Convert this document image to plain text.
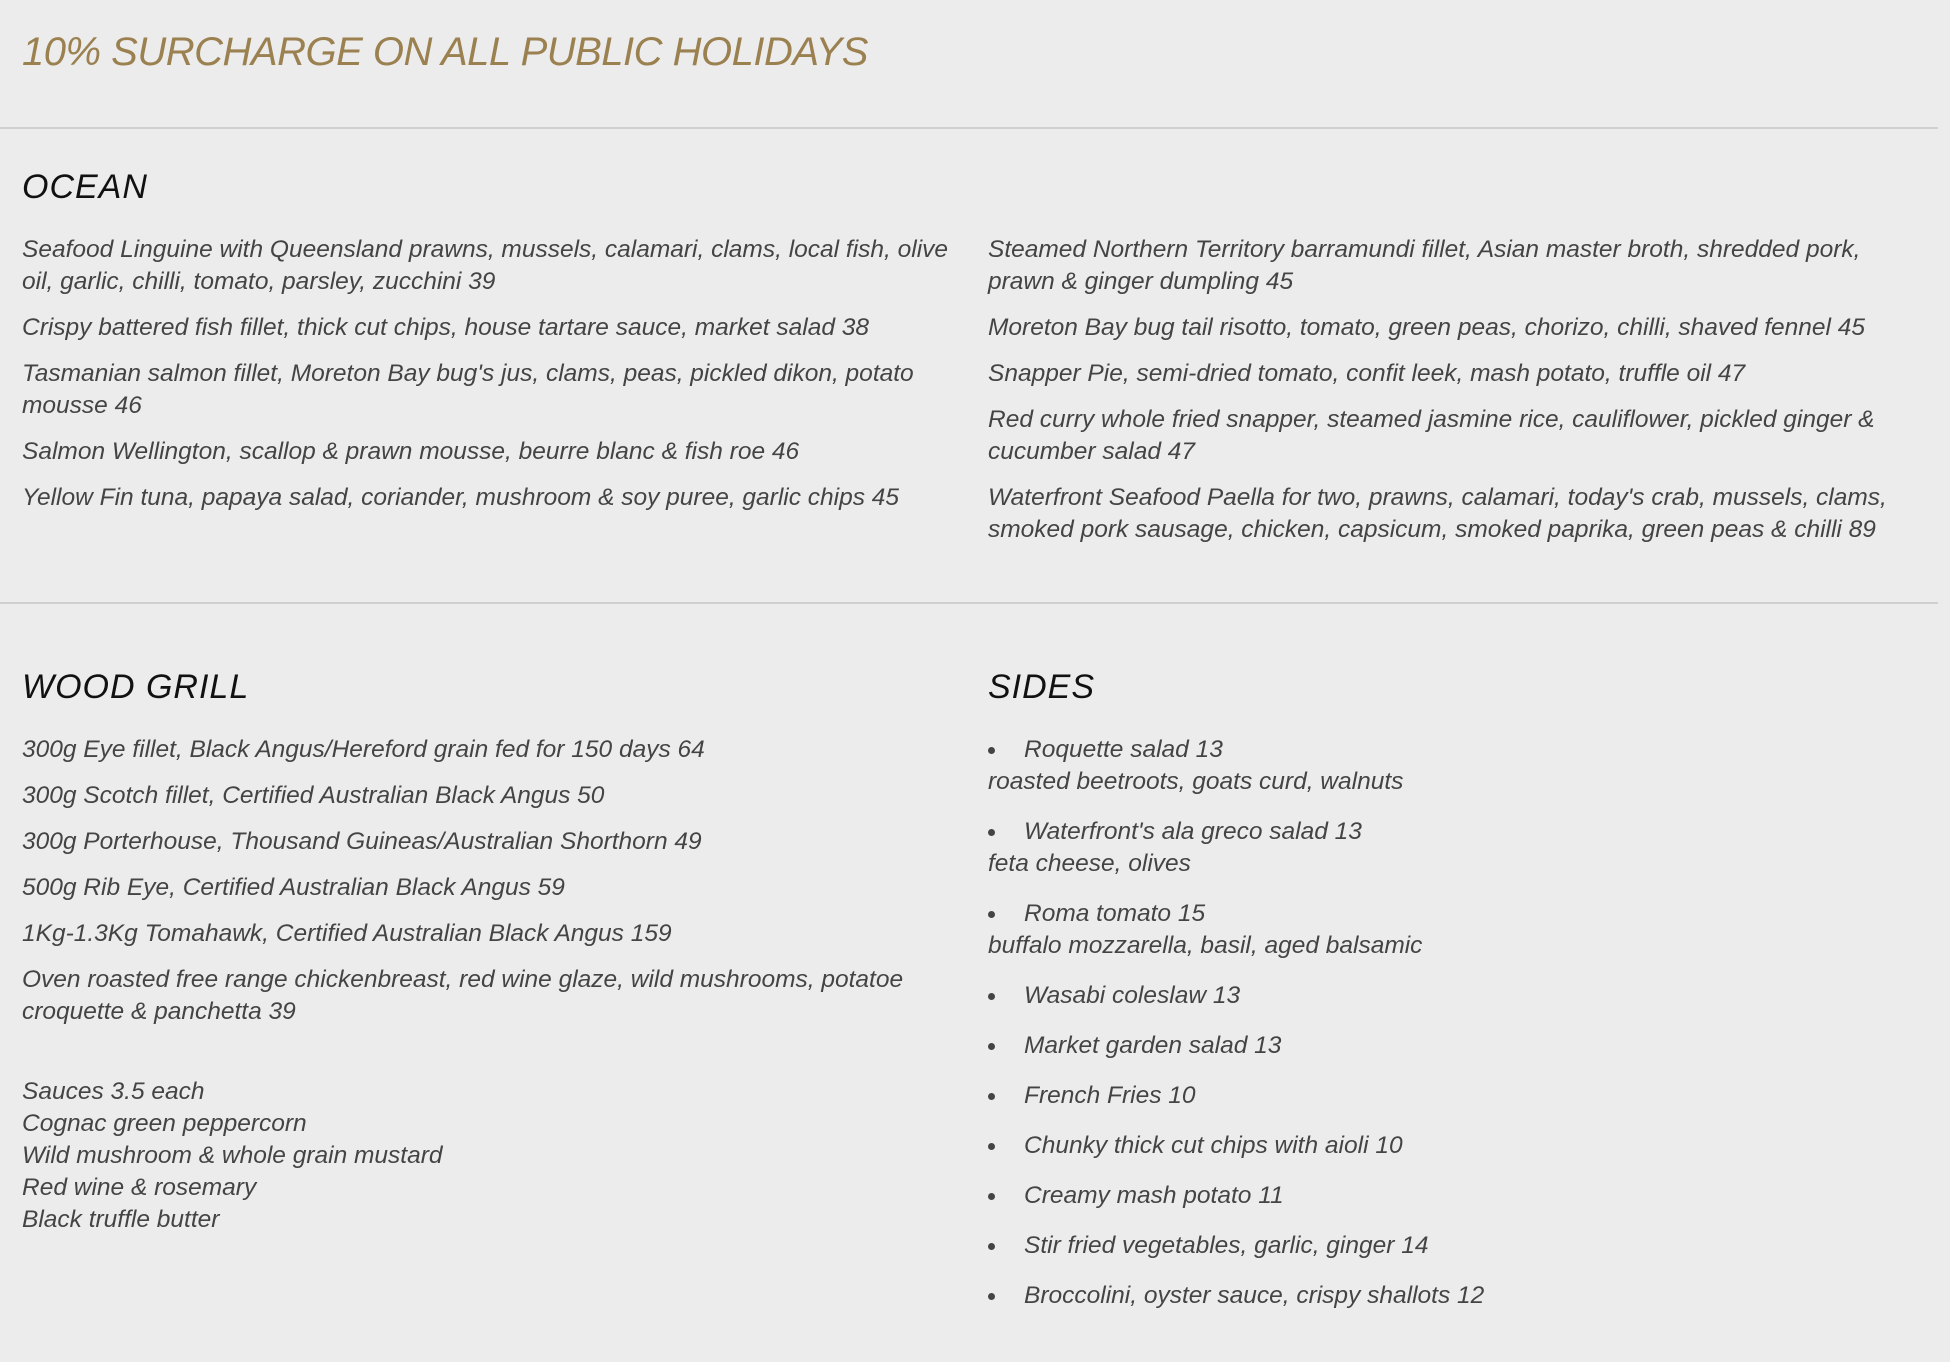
10% SURCHARGE ON ALL PUBLIC HOLIDAYS
OCEAN

Seafood Linguine with Queensland prawns, mussels, calamari, clams, local fish, olive oil, garlic, chilli, tomato, parsley, zucchini 39

Crispy battered fish fillet, thick cut chips, house tartare sauce, market salad 38

Tasmanian salmon fillet, Moreton Bay bug's jus, clams, peas, pickled dikon, potato mousse 46

Salmon Wellington, scallop & prawn mousse, beurre blanc & fish roe 46

Yellow Fin tuna, papaya salad, coriander, mushroom & soy puree, garlic chips 45

Steamed Northern Territory barramundi fillet, Asian master broth, shredded pork, prawn & ginger dumpling 45

Moreton Bay bug tail risotto, tomato, green peas, chorizo, chilli, shaved fennel 45

Snapper Pie, semi-dried tomato, confit leek, mash potato, truffle oil 47

Red curry whole fried snapper, steamed jasmine rice, cauliflower, pickled ginger & cucumber salad 47

Waterfront Seafood Paella for two, prawns, calamari, today's crab, mussels, clams, smoked pork sausage, chicken, capsicum, smoked paprika, green peas & chilli 89

WOOD GRILL

300g Eye fillet, Black Angus/Hereford grain fed for 150 days 64

300g Scotch fillet, Certified Australian Black Angus 50

300g Porterhouse, Thousand Guineas/Australian Shorthorn 49

500g Rib Eye, Certified Australian Black Angus 59

1Kg-1.3Kg Tomahawk, Certified Australian Black Angus 159

Oven roasted free range chickenbreast, red wine glaze, wild mushrooms, potatoe croquette & panchetta 39

Sauces 3.5 each
Cognac green peppercorn
Wild mushroom & whole grain mustard
Red wine & rosemary
Black truffle butter
SIDES
Roquette salad 13
roasted beetroots, goats curd, walnuts
Waterfront's ala greco salad 13
feta cheese, olives
Roma tomato 15
buffalo mozzarella, basil, aged balsamic
Wasabi coleslaw 13
Market garden salad 13
French Fries 10
Chunky thick cut chips with aioli 10
Creamy mash potato 11
Stir fried vegetables, garlic, ginger 14
Broccolini, oyster sauce, crispy shallots 12
